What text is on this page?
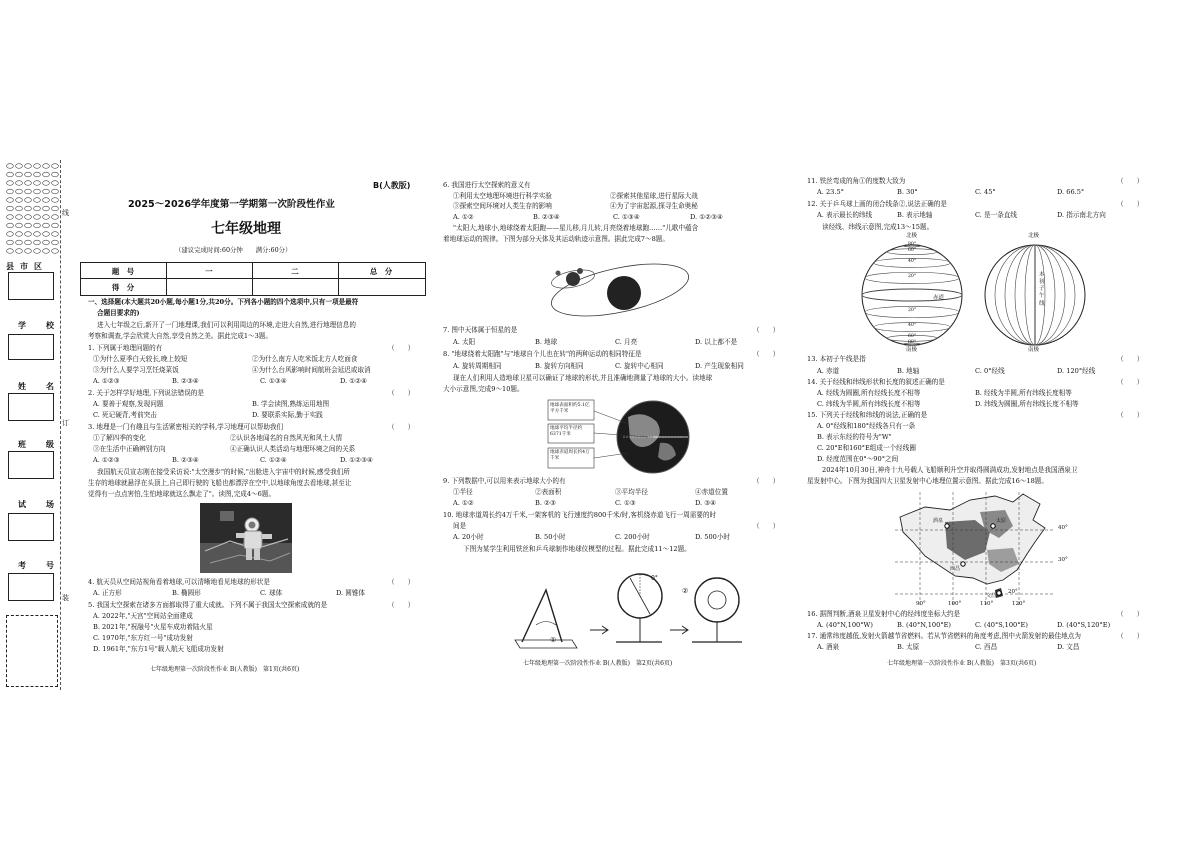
线
订
装
县市区
学　校
姓　名
班　级
试　场
考　号
B(人教版)
2025～2026学年度第一学期第一次阶段性作业
七年级地理
（建议完成时间:60分钟　　满分:60分）
题　号	一	二	总　分
得　分
一、选择题(本大题共20小题,每小题1分,共20分。下列各小题的四个选项中,只有一项是最符
合题目要求的)
进入七年级之后,新开了一门地理课,我们可以利用周边的环境,走进大自然,进行地理信息的
考察和调查,学会欣赏大自然,享受自然之美。据此完成1～3题。
1. 下列属于地理问题的有	（　　）
①为什么夏季白天较长,晚上较短	②为什么南方人吃米饭北方人吃面食
③为什么人要学习烹饪烧菜饭	④为什么台风影响时间航班会延迟或取消
A. ①②③	B. ②③④	C. ①③④	D. ①②④
2. 关于怎样学好地理,下列说法错误的是	（　　）
A. 要善于观察,发现问题	B. 学会读图,熟练运用地图
C. 死记硬背,考前突击	D. 要联系实际,勤于实践
3. 地理是一门有趣且与生活紧密相关的学科,学习地理可以帮助我们	（　　）
①了解四季的变化	②认识各地闻名的自然风光和风土人情
③在生活中正确辨别方向	④正确认识人类活动与地理环境之间的关系
A. ①②③	B. ②③④	C. ①②④	D. ①②③④
我国航天员宣志刚在接受采访说:"太空漫步"的时候,"出舱进入宇宙中的时候,感受我们所
生存的地球就悬浮在头顶上,自己即行驶的飞船也都漂浮在空中,以地球角度去看地球,甚至让
觉得有一点点害怕,生怕地球就这么飘走了"。读图,完成4～6题。
4. 航天员从空间站视角看着地球,可以清晰地看见地球的形状是	（　　）
A. 正方形	B. 椭圆形	C. 球体	D. 圆锥体
5. 我国太空探索在诸多方面都取得了重大成就。下列不属于我国太空探索成就的是	（　　）
A. 2022年,"天宫"空间站全面建成
B. 2021年,"祝融号"火星车成功着陆火星
C. 1970年,"东方红一号"成功发射
D. 1961年,"东方1号"载人航天飞船成功发射
七年级地理第一次阶段性作业 B(人教版)　第1页(共6页)
6. 我国进行太空探索的意义有
①利用太空地理环境进行科学实验	②探索其他星球,进行星际大战
③探索空间环境对人类生存的影响	④为了宇宙起源,探寻生命奥秘
A. ①②	B. ②③④	C. ①③④	D. ①②③④
"太阳大,地球小,地球绕着太阳跑——星儿移,月儿转,月亮绕着地球跑……"儿歌中蕴含
着地球运动的规律。下图为部分天体及其运动轨迹示意图。据此完成7～8题。
7. 图中天体属于恒星的是	（　　）
A. 太阳	B. 地球	C. 月亮	D. 以上都不是
8. "地球绕着太阳跑"与"地球自个儿也在转"的两种运动的相同特征是	（　　）
A. 旋转周期相同	B. 旋转方向相同	C. 旋转中心相同	D. 产生现象相同
现在人们利用人造地球卫星可以确证了地球的形状,并且准确地测量了地球的大小。读地球
大小示意图,完成9～10题。
地球表面积约5.1亿平方千米
地球平均半径约6371千米
地球赤道周长约4万千米
9. 下列数据中,可以用来表示地球大小的有	（　　）
①半径	②表面积	③平均半径	④赤道位置
A. ①②	B. ②③	C. ①③	D. ③④
10. 地球赤道周长约4万千米,一架客机的飞行速度约800千米/时,客机绕赤道飞行一周需要的时
间是	（　　）
A. 20小时	B. 50小时	C. 200小时	D. 500小时
下图为某学生利用铁丝和乒乓球制作地球仪模型的过程。据此完成11～12题。
0°
①
②
七年级地理第一次阶段性作业 B(人教版)　第2页(共6页)
11. 铁丝弯成的角①的度数大致为	（　　）
A. 23.5°	B. 30°	C. 45°	D. 66.5°
12. 关于乒乓球上画的闭合线条②,说法正确的是	（　　）
A. 表示最长的纬线	B. 表示地轴	C. 是一条直线	D. 指示南北方向
读经线、纬线示意图,完成13～15题。
北极
南极
赤道
80°
60°
40°
20°
20°
40°
60°
80°
北极
南极
本初子午线
13. 本初子午线是指	（　　）
A. 赤道	B. 地轴	C. 0°经线	D. 120°经线
14. 关于经线和纬线形状和长度的叙述正确的是	（　　）
A. 经线为圆圈,所有经线长度不相等	B. 经线为半圆,所有纬线长度相等
C. 纬线为半圆,所有纬线长度不相等	D. 纬线为圆圈,所有纬线长度不相等
15. 下列关于经线和纬线的说法,正确的是	（　　）
A. 0°经线和180°经线各只有一条
B. 表示东经的符号为"W"
C. 20°E和160°E组成一个经线圈
D. 经度范围在0°～90°之间
2024年10月30日,神舟十九号载人飞船顺利升空并取得圆满成功,发射地点是我国酒泉卫
星发射中心。下图为我国四大卫星发射中心地理位置示意图。据此完成16～18题。
40°
30°
20°
90°	100°	110°	120°
酒泉	太原
西昌
文昌
16. 据图判断,酒泉卫星发射中心的经纬度坐标大约是	（　　）
A. (40°N,100°W)	B. (40°N,100°E)	C. (40°S,100°E)	D. (40°S,120°E)
17. 通常纬度越低,发射火箭越节省燃料。若从节省燃料的角度考虑,图中火箭发射的最佳地点为	（　　）
A. 酒泉	B. 太原	C. 西昌	D. 文昌
七年级地理第一次阶段性作业 B(人教版)　第3页(共6页)
